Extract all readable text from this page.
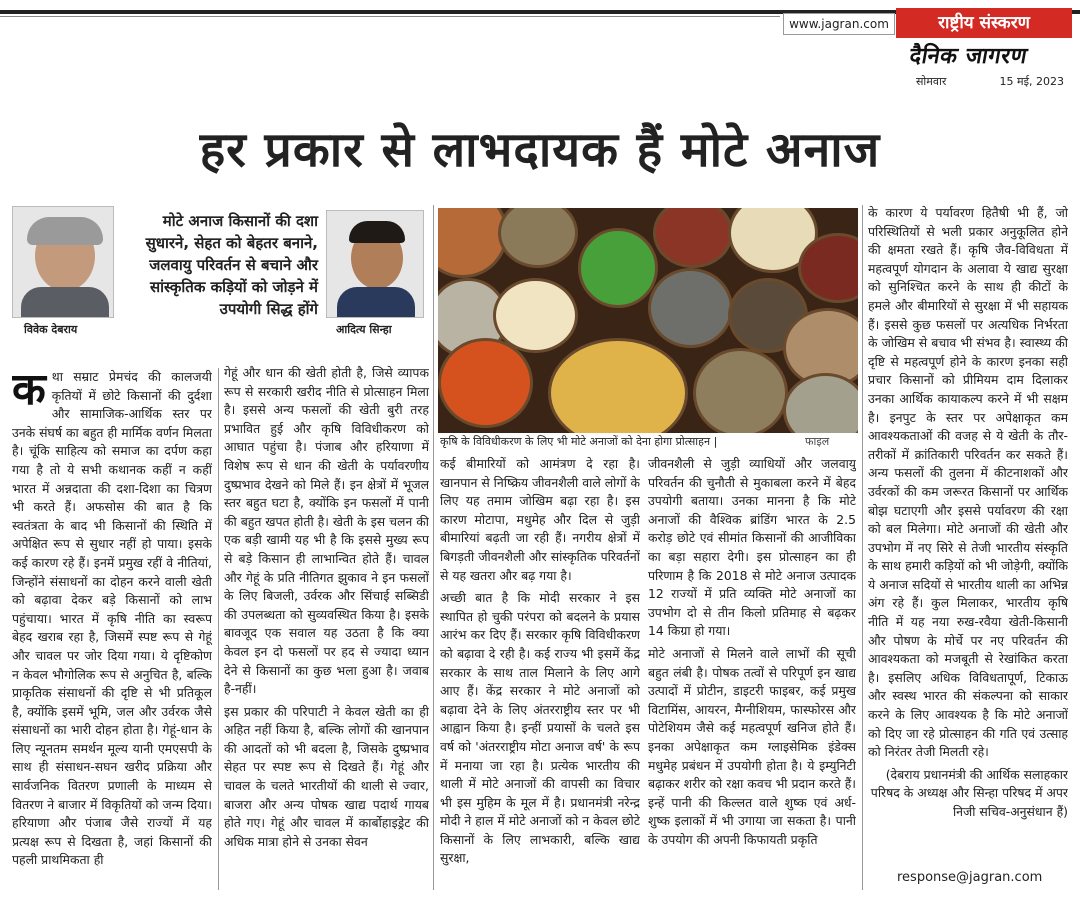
www.jagran.com	राष्ट्रीय संस्करण
दैनिक जागरण
सोमवार	15 मई, 2023
हर प्रकार से लाभदायक हैं मोटे अनाज
विवेक देबराय	आदित्य सिन्हा
मोटे अनाज किसानों की दशा सुधारने, सेहत को बेहतर बनाने, जलवायु परिवर्तन से बचाने और सांस्कृतिक कड़ियों को जोड़ने में उपयोगी सिद्ध होंगे
कृषि के विविधीकरण के लिए भी मोटे अनाजों को देना होगा प्रोत्साहन |	फाइल

कथा सम्राट प्रेमचंद की कालजयी कृतियों में छोटे किसानों की दुर्दशा और सामाजिक-आर्थिक स्तर पर उनके संघर्ष का बहुत ही मार्मिक वर्णन मिलता है। चूंकि साहित्य को समाज का दर्पण कहा गया है तो ये सभी कथानक कहीं न कहीं भारत में अन्नदाता की दशा-दिशा का चित्रण भी करते हैं। अफसोस की बात है कि स्वतंत्रता के बाद भी किसानों की स्थिति में अपेक्षित रूप से सुधार नहीं हो पाया। इसके कई कारण रहे हैं। इनमें प्रमुख रहीं वे नीतियां, जिन्होंने संसाधनों का दोहन करने वाली खेती को बढ़ावा देकर बड़े किसानों को लाभ पहुंचाया। भारत में कृषि नीति का स्वरूप बेहद खराब रहा है, जिसमें स्पष्ट रूप से गेहूं और चावल पर जोर दिया गया। ये दृष्टिकोण न केवल भौगोलिक रूप से अनुचित है, बल्कि प्राकृतिक संसाधनों की दृष्टि से भी प्रतिकूल है, क्योंकि इसमें भूमि, जल और उर्वरक जैसे संसाधनों का भारी दोहन होता है। गेहूं-धान के लिए न्यूनतम समर्थन मूल्य यानी एमएसपी के साथ ही संसाधन-सघन खरीद प्रक्रिया और सार्वजनिक वितरण प्रणाली के माध्यम से वितरण ने बाजार में विकृतियों को जन्म दिया। हरियाणा और पंजाब जैसे राज्यों में यह प्रत्यक्ष रूप से दिखता है, जहां किसानों की पहली प्राथमिकता ही

गेहूं और धान की खेती होती है, जिसे व्यापक रूप से सरकारी खरीद नीति से प्रोत्साहन मिला है। इससे अन्य फसलों की खेती बुरी तरह प्रभावित हुई और कृषि विविधीकरण को आघात पहुंचा है। पंजाब और हरियाणा में विशेष रूप से धान की खेती के पर्यावरणीय दुष्प्रभाव देखने को मिले हैं। इन क्षेत्रों में भूजल स्तर बहुत घटा है, क्योंकि इन फसलों में पानी की बहुत खपत होती है। खेती के इस चलन की एक बड़ी खामी यह भी है कि इससे मुख्य रूप से बड़े किसान ही लाभान्वित होते हैं। चावल और गेहूं के प्रति नीतिगत झुकाव ने इन फसलों के लिए बिजली, उर्वरक और सिंचाई सब्सिडी की उपलब्धता को सुव्यवस्थित किया है। इसके बावजूद एक सवाल यह उठता है कि क्या केवल इन दो फसलों पर हद से ज्यादा ध्यान देने से किसानों का कुछ भला हुआ है। जवाब है-नहीं।

इस प्रकार की परिपाटी ने केवल खेती का ही अहित नहीं किया है, बल्कि लोगों की खानपान की आदतों को भी बदला है, जिसके दुष्प्रभाव सेहत पर स्पष्ट रूप से दिखते हैं। गेहूं और चावल के चलते भारतीयों की थाली से ज्वार, बाजरा और अन्य पोषक खाद्य पदार्थ गायब होते गए। गेहूं और चावल में कार्बोहाइड्रेट की अधिक मात्रा होने से उनका सेवन

कई बीमारियों को आमंत्रण दे रहा है। खानपान से निष्क्रिय जीवनशैली वाले लोगों के लिए यह तमाम जोखिम बढ़ा रहा है। इस कारण मोटापा, मधुमेह और दिल से जुड़ी बीमारियां बढ़ती जा रही हैं। नगरीय क्षेत्रों में बिगड़ती जीवनशैली और सांस्कृतिक परिवर्तनों से यह खतरा और बढ़ गया है।

अच्छी बात है कि मोदी सरकार ने इस स्थापित हो चुकी परंपरा को बदलने के प्रयास आरंभ कर दिए हैं। सरकार कृषि विविधीकरण को बढ़ावा दे रही है। कई राज्य भी इसमें केंद्र सरकार के साथ ताल मिलाने के लिए आगे आए हैं। केंद्र सरकार ने मोटे अनाजों को बढ़ावा देने के लिए अंतरराष्ट्रीय स्तर पर भी आह्वान किया है। इन्हीं प्रयासों के चलते इस वर्ष को 'अंतरराष्ट्रीय मोटा अनाज वर्ष' के रूप में मनाया जा रहा है। प्रत्येक भारतीय की थाली में मोटे अनाजों की वापसी का विचार भी इस मुहिम के मूल में है। प्रधानमंत्री नरेन्द्र मोदी ने हाल में मोटे अनाजों को न केवल छोटे किसानों के लिए लाभकारी, बल्कि खाद्य सुरक्षा,

जीवनशैली से जुड़ी व्याधियों और जलवायु परिवर्तन की चुनौती से मुकाबला करने में बेहद उपयोगी बताया। उनका मानना है कि मोटे अनाजों की वैश्विक ब्रांडिंग भारत के 2.5 करोड़ छोटे एवं सीमांत किसानों की आजीविका का बड़ा सहारा देगी। इस प्रोत्साहन का ही परिणाम है कि 2018 से मोटे अनाज उत्पादक 12 राज्यों में प्रति व्यक्ति मोटे अनाजों का उपभोग दो से तीन किलो प्रतिमाह से बढ़कर 14 किग्रा हो गया।

मोटे अनाजों से मिलने वाले लाभों की सूची बहुत लंबी है। पोषक तत्वों से परिपूर्ण इन खाद्य उत्पादों में प्रोटीन, डाइटरी फाइबर, कई प्रमुख विटामिंस, आयरन, मैग्नीशियम, फास्फोरस और पोटेशियम जैसे कई महत्वपूर्ण खनिज होते हैं। इनका अपेक्षाकृत कम ग्लाइसेमिक इंडेक्स मधुमेह प्रबंधन में उपयोगी होता है। ये इम्युनिटी बढ़ाकर शरीर को रक्षा कवच भी प्रदान करते हैं। इन्हें पानी की किल्लत वाले शुष्क एवं अर्ध-शुष्क इलाकों में भी उगाया जा सकता है। पानी के उपयोग की अपनी किफायती प्रकृति

के कारण ये पर्यावरण हितैषी भी हैं, जो परिस्थितियों से भली प्रकार अनुकूलित होने की क्षमता रखते हैं। कृषि जैव-विविधता में महत्वपूर्ण योगदान के अलावा ये खाद्य सुरक्षा को सुनिश्चित करने के साथ ही कीटों के हमले और बीमारियों से सुरक्षा में भी सहायक हैं। इससे कुछ फसलों पर अत्यधिक निर्भरता के जोखिम से बचाव भी संभव है। स्वास्थ्य की दृष्टि से महत्वपूर्ण होने के कारण इनका सही प्रचार किसानों को प्रीमियम दाम दिलाकर उनका आर्थिक कायाकल्प करने में भी सक्षम है। इनपुट के स्तर पर अपेक्षाकृत कम आवश्यकताओं की वजह से ये खेती के तौर-तरीकों में क्रांतिकारी परिवर्तन कर सकते हैं। अन्य फसलों की तुलना में कीटनाशकों और उर्वरकों की कम जरूरत किसानों पर आर्थिक बोझ घटाएगी और इससे पर्यावरण की रक्षा को बल मिलेगा। मोटे अनाजों की खेती और उपभोग में नए सिरे से तेजी भारतीय संस्कृति के साथ हमारी कड़ियों को भी जोड़ेगी, क्योंकि ये अनाज सदियों से भारतीय थाली का अभिन्न अंग रहे हैं। कुल मिलाकर, भारतीय कृषि नीति में यह नया रुख-रवैया खेती-किसानी और पोषण के मोर्चे पर नए परिवर्तन की आवश्यकता को मजबूती से रेखांकित करता है। इसलिए अधिक विविधतापूर्ण, टिकाऊ और स्वस्थ भारत की संकल्पना को साकार करने के लिए आवश्यक है कि मोटे अनाजों को दिए जा रहे प्रोत्साहन की गति एवं उत्साह को निरंतर तेजी मिलती रहे।

(देबराय प्रधानमंत्री की आर्थिक सलाहकार परिषद के अध्यक्ष और सिन्हा परिषद में अपर निजी सचिव-अनुसंधान हैं)

response@jagran.com
